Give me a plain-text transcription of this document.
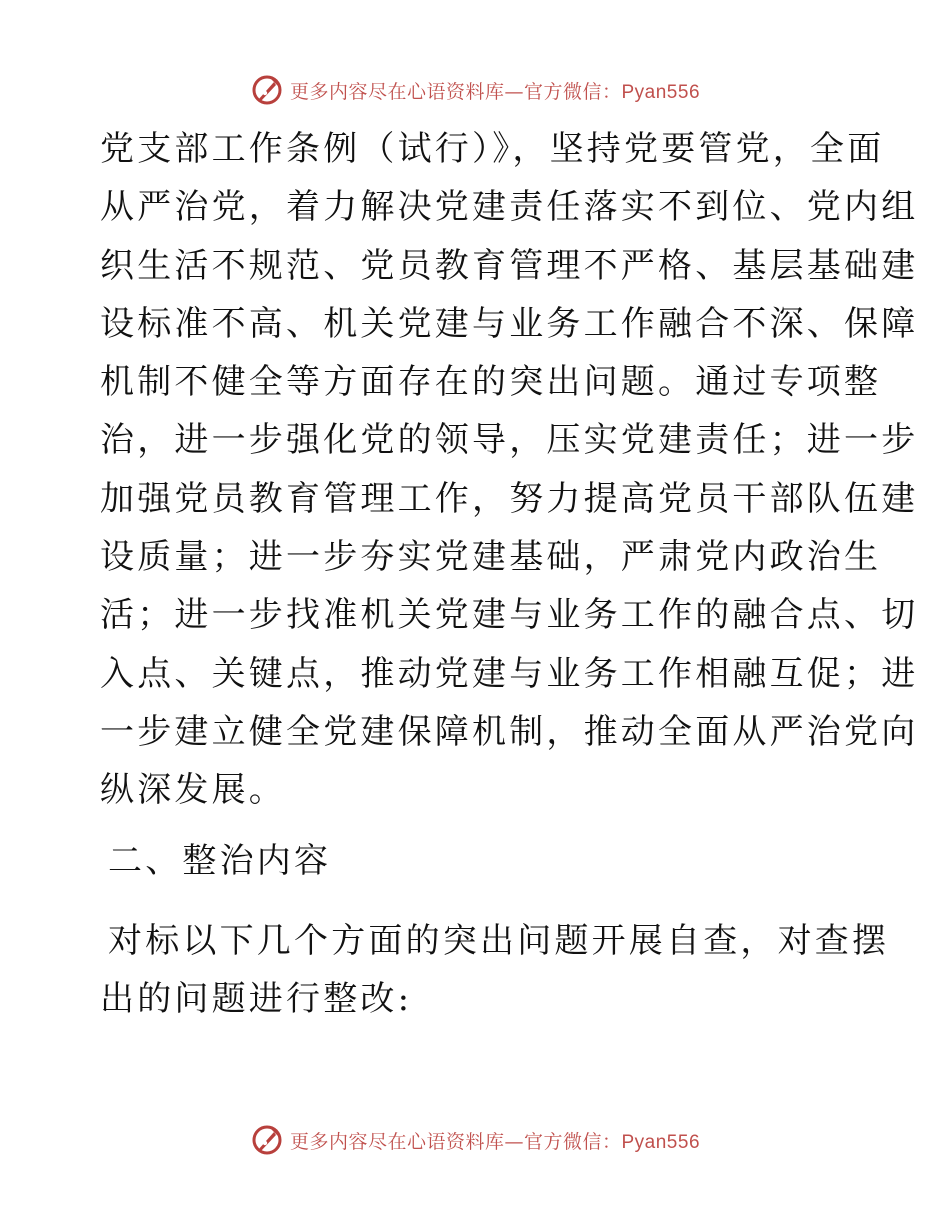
更多内容尽在心语资料库—官方微信：Pyan556
党支部工作条例（试行）》，坚持党要管党，全面
从严治党，着力解决党建责任落实不到位、党内组
织生活不规范、党员教育管理不严格、基层基础建
设标准不高、机关党建与业务工作融合不深、保障
机制不健全等方面存在的突出问题。通过专项整
治，进一步强化党的领导，压实党建责任；进一步
加强党员教育管理工作，努力提高党员干部队伍建
设质量；进一步夯实党建基础，严肃党内政治生
活；进一步找准机关党建与业务工作的融合点、切
入点、关键点，推动党建与业务工作相融互促；进
一步建立健全党建保障机制，推动全面从严治党向
纵深发展。
二、整治内容
对标以下几个方面的突出问题开展自查，对查摆
出的问题进行整改:
更多内容尽在心语资料库—官方微信：Pyan556
